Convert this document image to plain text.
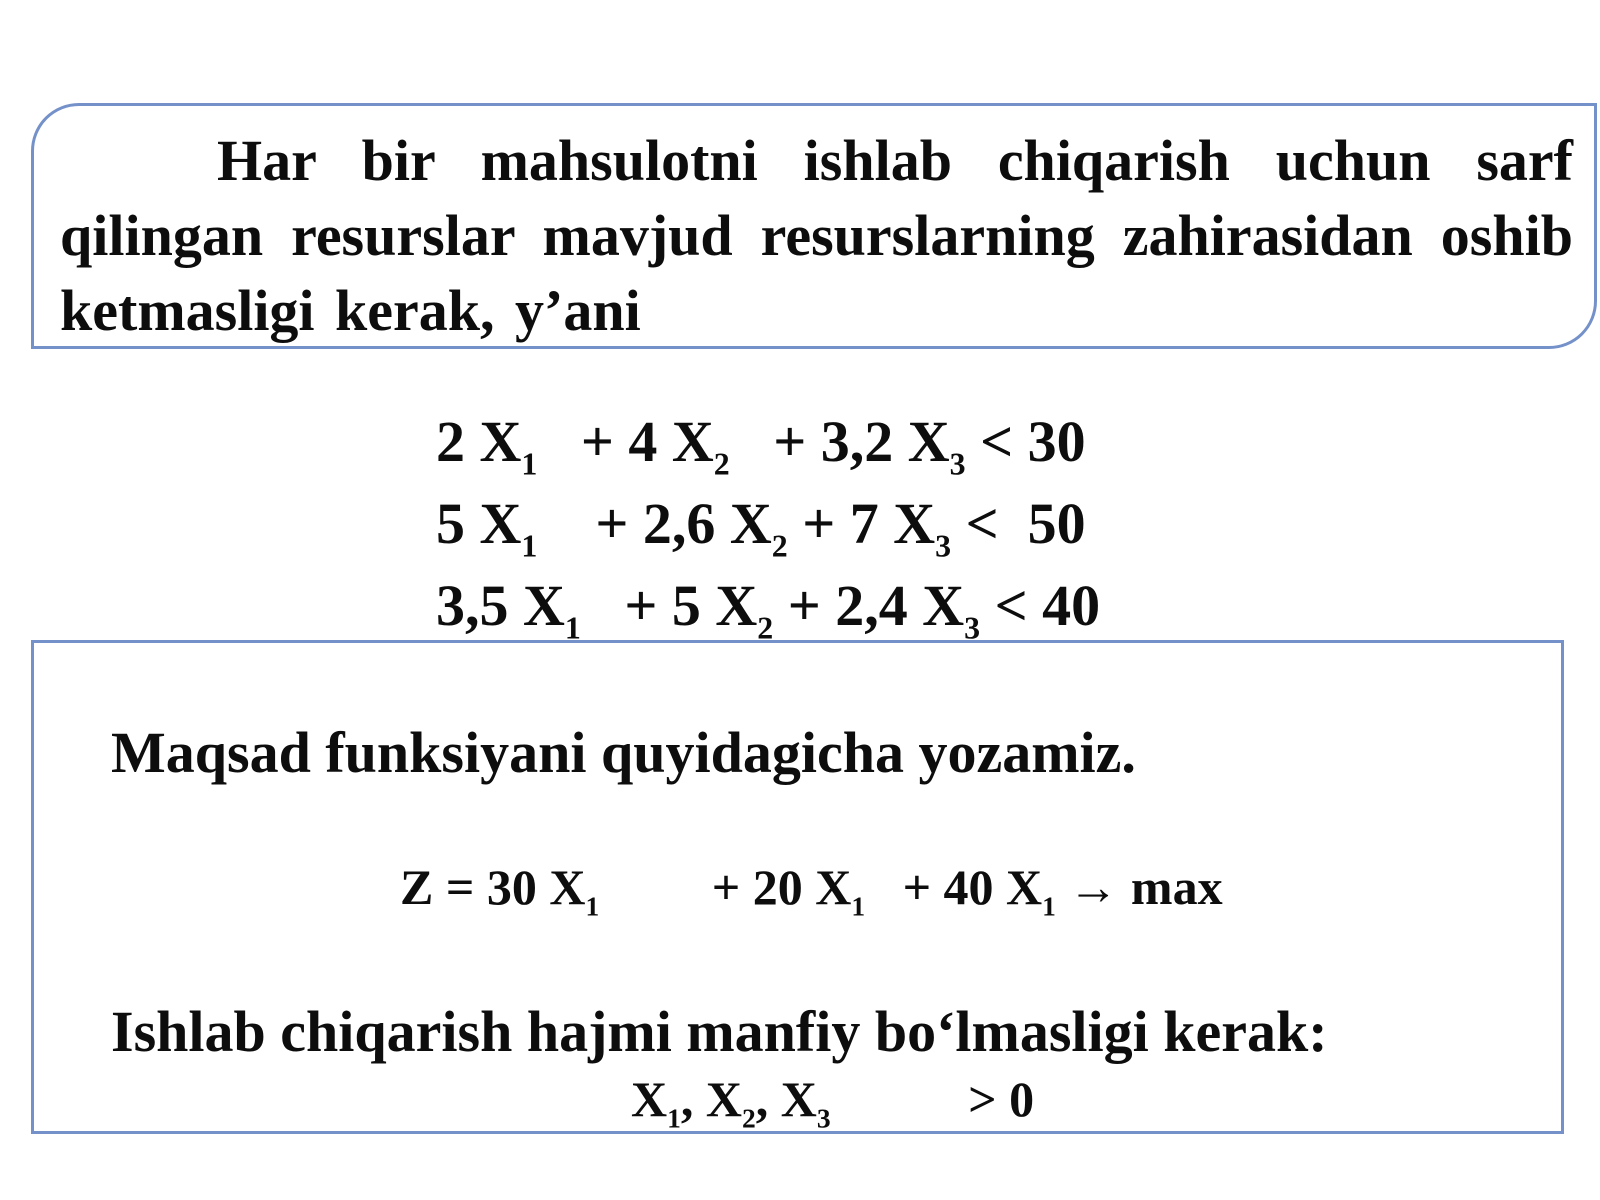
Har bir mahsulotni ishlab chiqarish uchun sarf qilingan resurslar mavjud resurslarning zahirasidan oshib ketmasligi kerak, y’ani

2 $X_1 + 4$ $X_2 + 3,2$ $X_3 < 30$
5 $X_1$    + 2,6 $X_2 + 7$ $X_3 < 50$
3,5 $X_1 + 5$ $X_2 + 2,4$ $X_3 < 40$

Maqsad funksiyani quyidagicha yozamiz.

Z = 30 $X_1$         + 20 $X_1 + 40$ $X_1 \to \max$

Ishlab chiqarish hajmi manfiy bo‘lmasligi kerak:

$X_1$, $X_2$, $X_3$           > 0
